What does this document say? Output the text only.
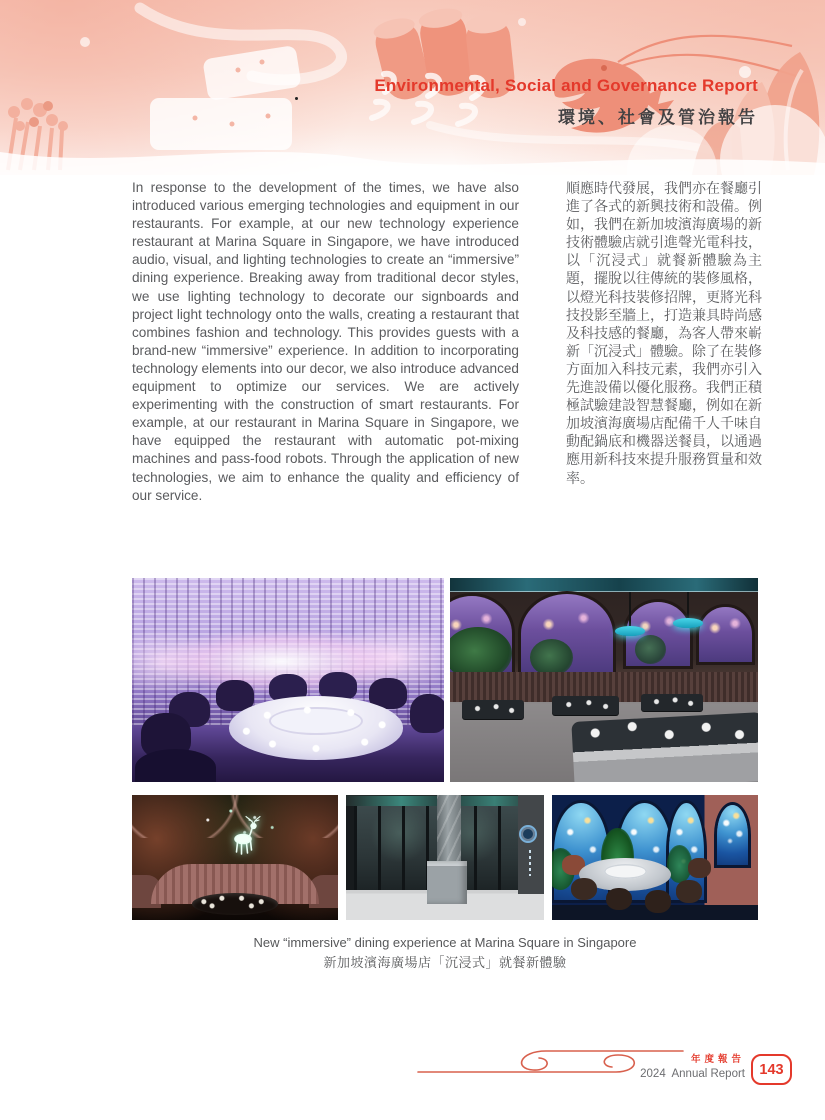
Environmental, Social and Governance Report
環境、社會及管治報告
In response to the development of the times, we have also introduced various emerging technologies and equipment in our restaurants. For example, at our new technology experience restaurant at Marina Square in Singapore, we have introduced audio, visual, and lighting technologies to create an “immersive” dining experience. Breaking away from traditional decor styles, we use lighting technology to decorate our signboards and project light technology onto the walls, creating a restaurant that combines fashion and technology. This provides guests with a brand-new “immersive” experience. In addition to incorporating technology elements into our decor, we also introduce advanced equipment to optimize our services. We are actively experimenting with the construction of smart restaurants. For example, at our restaurant in Marina Square in Singapore, we have equipped the restaurant with automatic pot-mixing machines and pass-food robots. Through the application of new technologies, we aim to enhance the quality and efficiency of our service.
順應時代發展，我們亦在餐廳引進了各式的新興技術和設備。例如，我們在新加坡濱海廣場的新技術體驗店就引進聲光電科技，以「沉浸式」就餐新體驗為主題，擺脫以往傳統的裝修風格，以燈光科技裝修招牌，更將光科技投影至牆上，打造兼具時尚感及科技感的餐廳，為客人帶來嶄新「沉浸式」體驗。除了在裝修方面加入科技元素，我們亦引入先進設備以優化服務。我們正積極試驗建設智慧餐廳，例如在新加坡濱海廣場店配備千人千味自動配鍋底和機器送餐員，以通過應用新科技來提升服務質量和效率。
New “immersive” dining experience at Marina Square in Singapore
新加坡濱海廣場店「沉浸式」就餐新體驗
年度報告
2024  Annual Report 143
